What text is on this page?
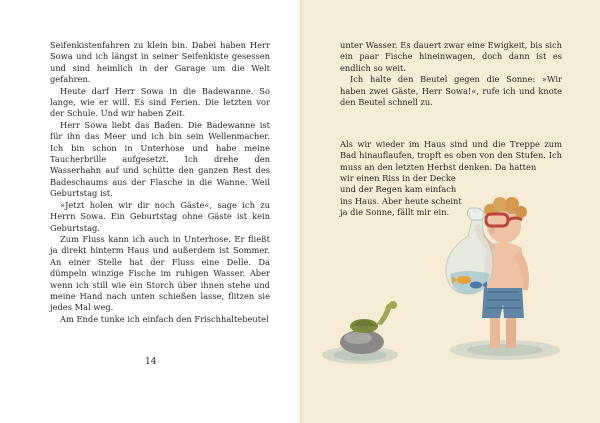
Seifenkistenfahren zu klein bin. Dabei haben Herr Sowa und ich längst in seiner Seifenkiste gesessen und sind heimlich in der Garage um die Welt gefahren.

Heute darf Herr Sowa in die Badewanne. So lange, wie er will. Es sind Ferien. Die letzten vor der Schule. Und wir haben Zeit.

Herr Sowa liebt das Baden. Die Badewanne ist für ihn das Meer und ich bin sein Wellenmacher. Ich bin schon in Unterhose und habe meine Taucherbrille aufgesetzt. Ich drehe den Wasserhahn auf und schütte den ganzen Rest des Badeschaums aus der Flasche in die Wanne. Weil Geburtstag ist.

»Jetzt holen wir dir noch Gäste«, sage ich zu Herrn Sowa. Ein Geburtstag ohne Gäste ist kein Geburtstag.

Zum Fluss kann ich auch in Unterhose. Er fließt ja direkt hinterm Haus und außerdem ist Sommer. An einer Stelle hat der Fluss eine Delle. Da dümpeln winzige Fische im ruhigen Wasser. Aber wenn ich still wie ein Storch über ihnen stehe und meine Hand nach unten schießen lasse, flitzen sie jedes Mal weg.

Am Ende tunke ich einfach den Frischhaltebeutel

14

unter Wasser. Es dauert zwar eine Ewigkeit, bis sich ein paar Fische hineinwagen, doch dann ist es endlich so weit.

Ich halte den Beutel gegen die Sonne: »Wir haben zwei Gäste, Herr Sowa!«, rufe ich und knote den Beutel schnell zu.

Als wir wieder im Haus sind und die Treppe zum Bad hinauflaufen, tropft es oben von den Stufen. Ich muss an den letzten Herbst denken. Da hatten

wir einen Riss in der Decke und der Regen kam einfach ins Haus. Aber heute scheint ja die Sonne, fällt mir ein.
